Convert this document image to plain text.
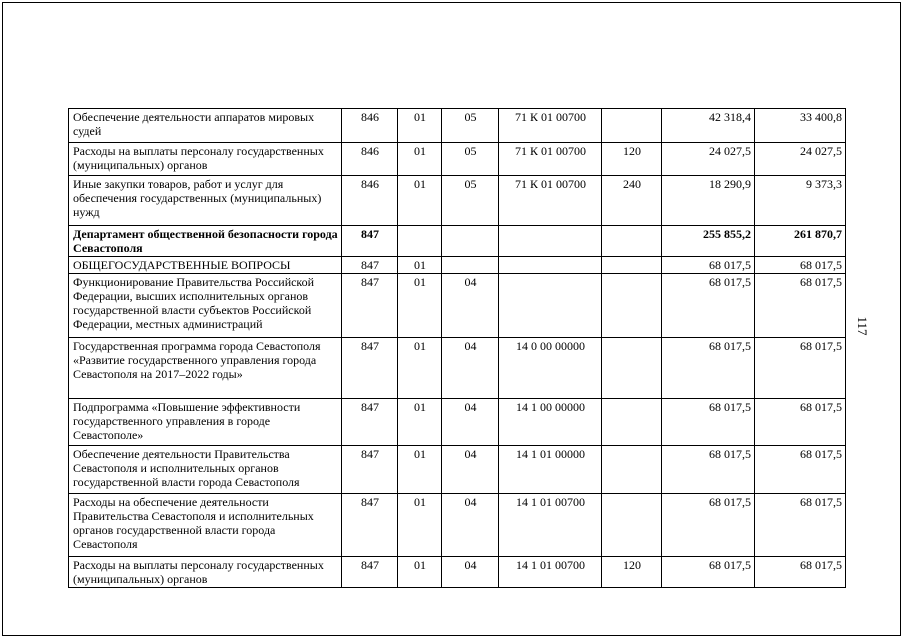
Обеспечение деятельности аппаратов мировых судей	846	01	05	71 К 01 00700		42 318,4	33 400,8
Расходы на выплаты персоналу государственных (муниципальных) органов	846	01	05	71 К 01 00700	120	24 027,5	24 027,5
Иные закупки товаров, работ и услуг для обеспечения государственных (муниципальных) нужд	846	01	05	71 К 01 00700	240	18 290,9	9 373,3
Департамент общественной безопасности города Севастополя	847					255 855,2	261 870,7
ОБЩЕГОСУДАРСТВЕННЫЕ ВОПРОСЫ	847	01				68 017,5	68 017,5
Функционирование Правительства Российской Федерации, высших исполнительных органов государственной власти субъектов Российской Федерации, местных администраций	847	01	04			68 017,5	68 017,5
Государственная программа города Севастополя «Развитие государственного управления города Севастополя на 2017–2022 годы»	847	01	04	14 0 00 00000		68 017,5	68 017,5
Подпрограмма «Повышение эффективности государственного управления в городе Севастополе»	847	01	04	14 1 00 00000		68 017,5	68 017,5
Обеспечение деятельности Правительства Севастополя и исполнительных органов государственной власти города Севастополя	847	01	04	14 1 01 00000		68 017,5	68 017,5
Расходы на обеспечение деятельности Правительства Севастополя и исполнительных органов государственной власти города Севастополя	847	01	04	14 1 01 00700		68 017,5	68 017,5
Расходы на выплаты персоналу государственных (муниципальных) органов	847	01	04	14 1 01 00700	120	68 017,5	68 017,5
117
